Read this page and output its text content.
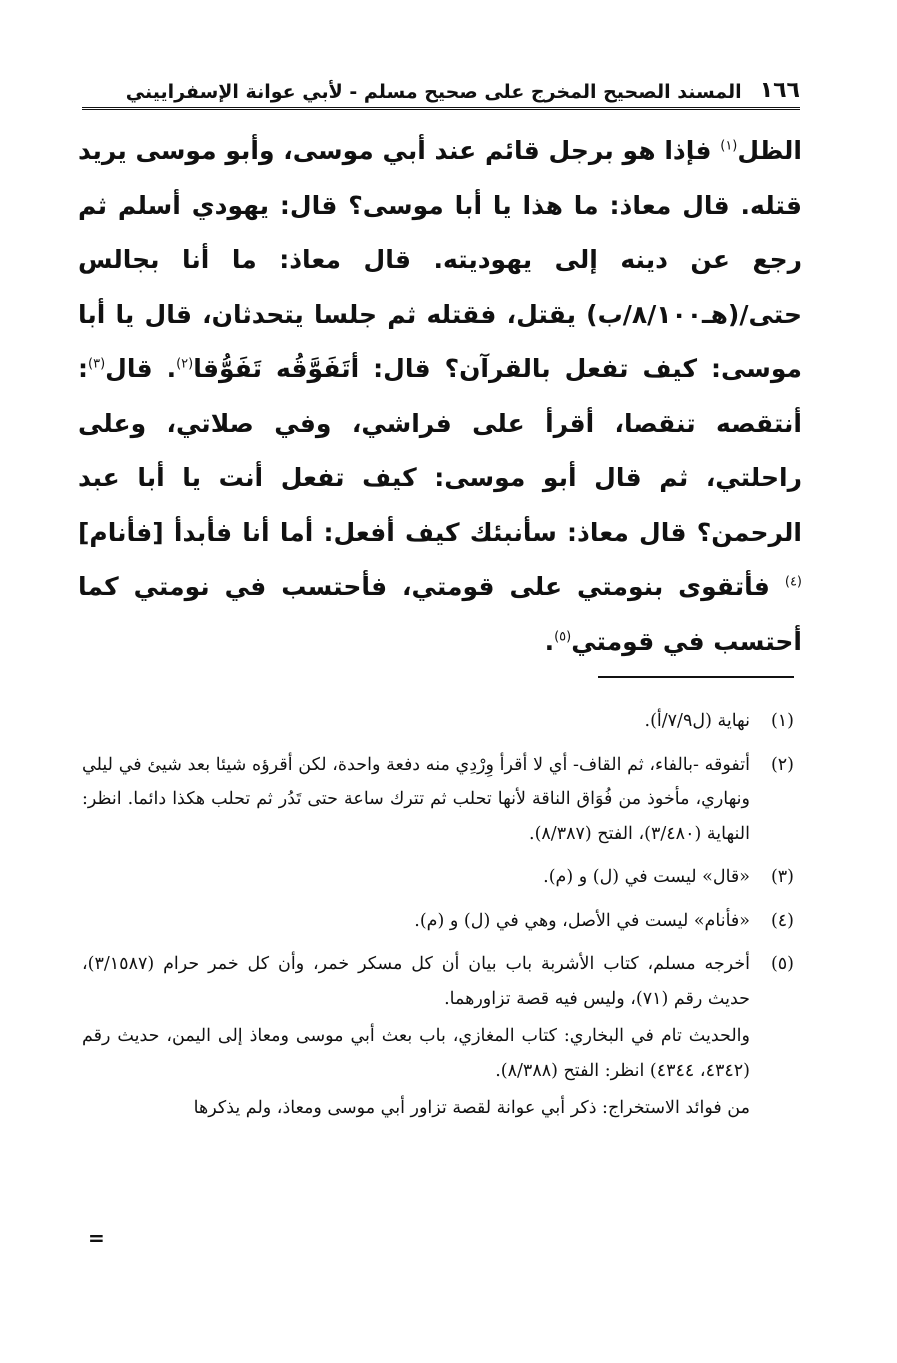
١٦٦
المسند الصحيح المخرج على صحيح مسلم - لأبي عوانة الإسفراييني

الظل$^{(١)}$ فإذا هو برجل قائم عند أبي موسى، وأبو موسى يريد قتله. قال معاذ: ما هذا يا أبا موسى؟ قال: يهودي أسلم ثم رجع عن دينه إلى يهوديته. قال معاذ: ما أنا بجالس حتى/(هـ٨/١٠٠/ب) يقتل، فقتله ثم جلسا يتحدثان، قال يا أبا موسى: كيف تفعل بالقرآن؟ قال: أتَفَوَّقُه تَفَوُّقا$^{(٢)}$. قال$^{(٣)}$: أنتقصه تنقصا، أقرأ على فراشي، وفي صلاتي، وعلى راحلتي، ثم قال أبو موسى: كيف تفعل أنت يا أبا عبد الرحمن؟ قال معاذ: سأنبئك كيف أفعل: أما أنا فأبدأ [فأنام]$^{(٤)}$ فأتقوى بنومتي على قومتي، فأحتسب في نومتي كما أحتسب في قومتي$^{(٥)}$.

(١)

نهاية (ل٧/٩/أ).

(٢)

أتفوقه -بالفاء، ثم القاف- أي لا أقرأ وِرْدِي منه دفعة واحدة، لكن أقرؤه شيئا بعد شيئ في ليلي ونهاري، مأخوذ من فُوَاق الناقة لأنها تحلب ثم تترك ساعة حتى تَدُر ثم تحلب هكذا دائما. انظر: النهاية (٣/٤٨٠)، الفتح (٨/٣٨٧).

(٣)

«قال» ليست في (ل) و (م).

(٤)

«فأنام» ليست في الأصل، وهي في (ل) و (م).

(٥)

أخرجه مسلم، كتاب الأشربة باب بيان أن كل مسكر خمر، وأن كل خمر حرام (٣/١٥٨٧)، حديث رقم (٧١)، وليس فيه قصة تزاورهما.

والحديث تام في البخاري: كتاب المغازي، باب بعث أبي موسى ومعاذ إلى اليمن، حديث رقم (٤٣٤٢، ٤٣٤٤) انظر: الفتح (٨/٣٨٨).

من فوائد الاستخراج: ذكر أبي عوانة لقصة تزاور أبي موسى ومعاذ، ولم يذكرها

=
